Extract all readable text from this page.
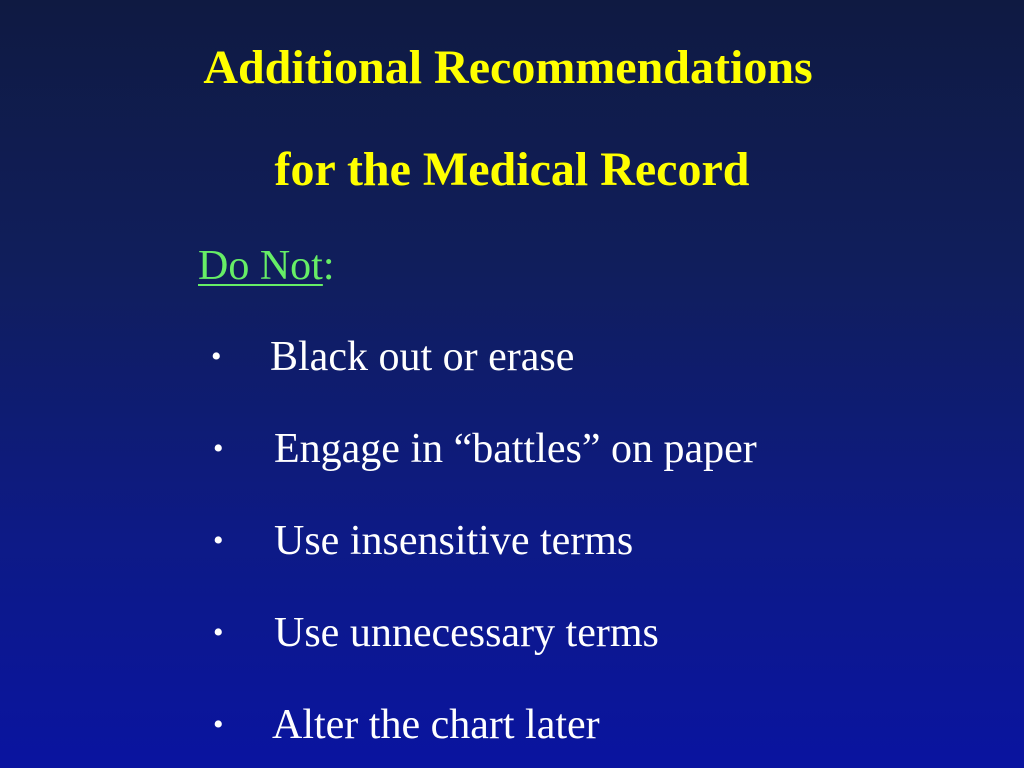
Additional Recommendations
for the Medical Record
Do Not:
• Black out or erase
• Engage in “battles” on paper
• Use insensitive terms
• Use unnecessary terms
• Alter the chart later
